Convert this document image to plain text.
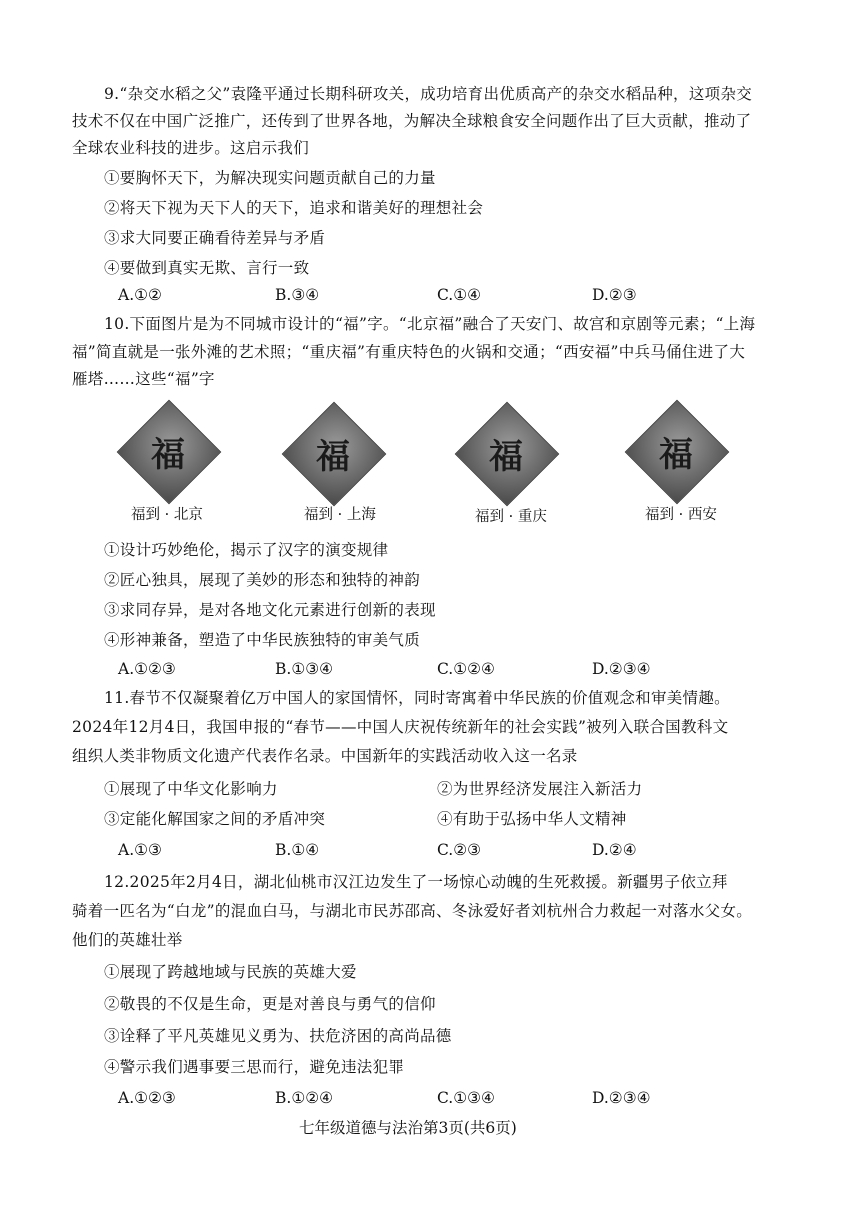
9.“杂交水稻之父”袁隆平通过长期科研攻关，成功培育出优质高产的杂交水稻品种，这项杂交
技术不仅在中国广泛推广，还传到了世界各地，为解决全球粮食安全问题作出了巨大贡献，推动了
全球农业科技的进步。这启示我们
①要胸怀天下，为解决现实问题贡献自己的力量
②将天下视为天下人的天下，追求和谐美好的理想社会
③求大同要正确看待差异与矛盾
④要做到真实无欺、言行一致
A.①②	B.③④	C.①④	D.②③
10.下面图片是为不同城市设计的“福”字。“北京福”融合了天安门、故宫和京剧等元素；“上海
福”简直就是一张外滩的艺术照；“重庆福”有重庆特色的火锅和交通；“西安福”中兵马俑住进了大
雁塔……这些“福”字
福
福到 · 北京
福
福到 · 上海
福
福到 · 重庆
福
福到 · 西安
①设计巧妙绝伦，揭示了汉字的演变规律
②匠心独具，展现了美妙的形态和独特的神韵
③求同存异，是对各地文化元素进行创新的表现
④形神兼备，塑造了中华民族独特的审美气质
A.①②③	B.①③④	C.①②④	D.②③④
11.春节不仅凝聚着亿万中国人的家国情怀，同时寄寓着中华民族的价值观念和审美情趣。
2024年12月4日，我国申报的“春节——中国人庆祝传统新年的社会实践”被列入联合国教科文
组织人类非物质文化遗产代表作名录。中国新年的实践活动收入这一名录
①展现了中华文化影响力	②为世界经济发展注入新活力
③定能化解国家之间的矛盾冲突	④有助于弘扬中华人文精神
A.①③	B.①④	C.②③	D.②④
12.2025年2月4日，湖北仙桃市汉江边发生了一场惊心动魄的生死救援。新疆男子依立拜
骑着一匹名为“白龙”的混血白马，与湖北市民苏邵高、冬泳爱好者刘杭州合力救起一对落水父女。
他们的英雄壮举
①展现了跨越地域与民族的英雄大爱
②敬畏的不仅是生命，更是对善良与勇气的信仰
③诠释了平凡英雄见义勇为、扶危济困的高尚品德
④警示我们遇事要三思而行，避免违法犯罪
A.①②③	B.①②④	C.①③④	D.②③④
七年级道德与法治第3页(共6页)
